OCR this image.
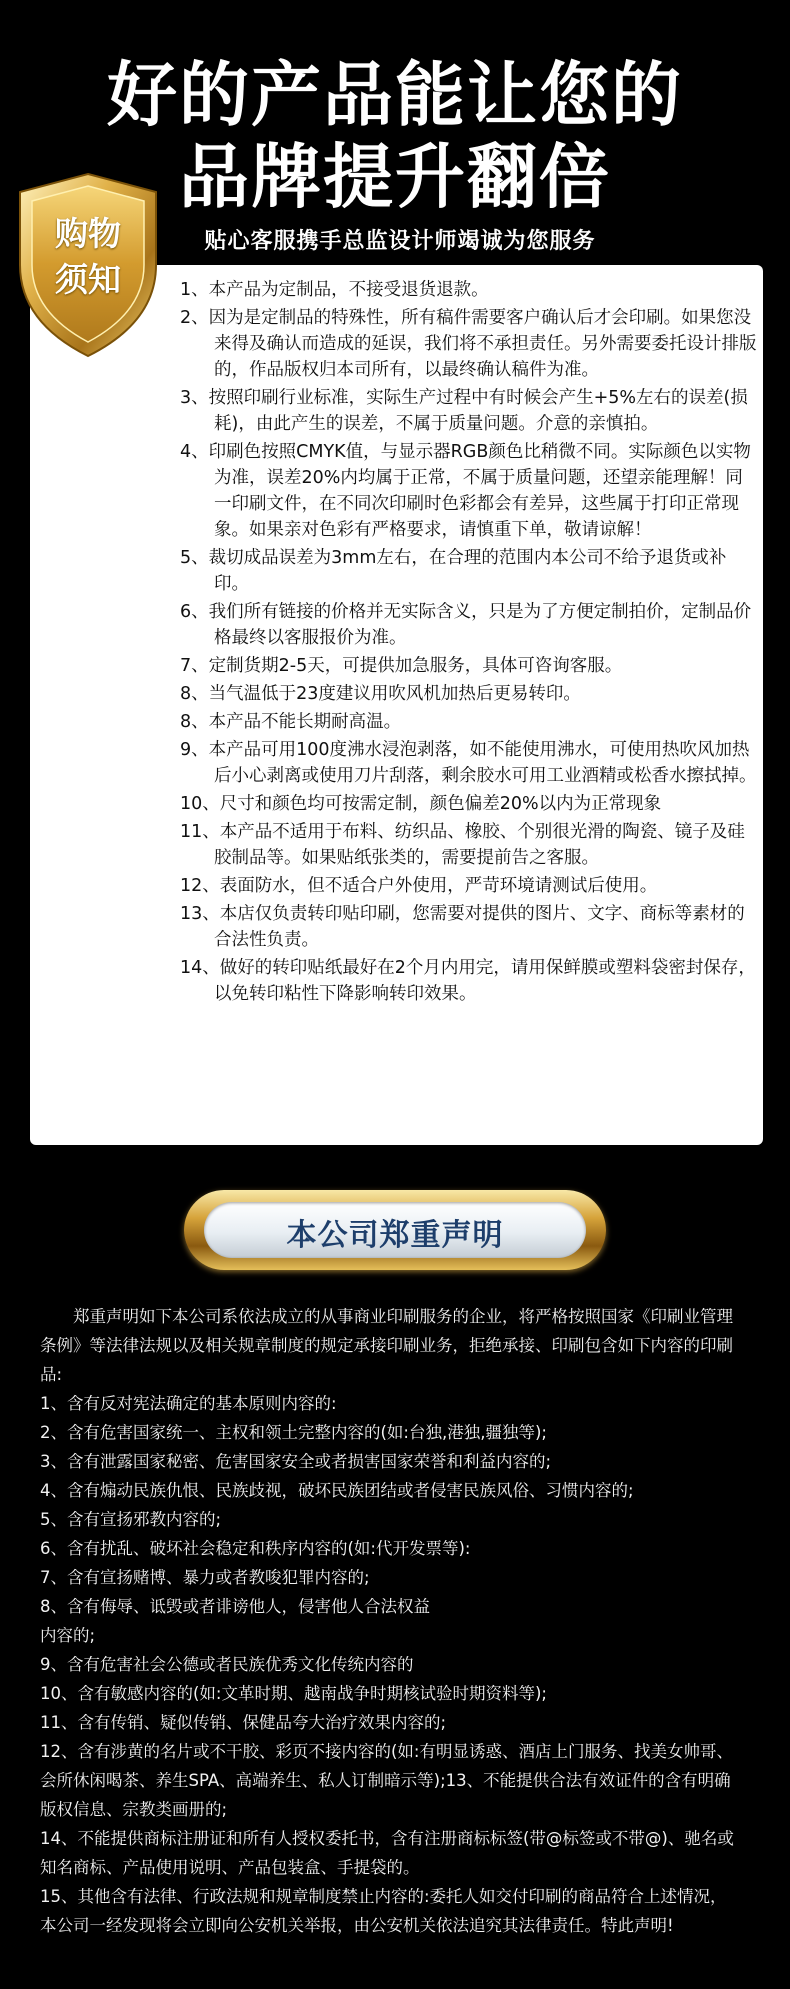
好的产品能让您的
品牌提升翻倍
贴心客服携手总监设计师竭诚为您服务
1、本产品为定制品，不接受退货退款。
2、因为是定制品的特殊性，所有稿件需要客户确认后才会印刷。如果您没来得及确认而造成的延误，我们将不承担责任。另外需要委托设计排版的，作品版权归本司所有，以最终确认稿件为准。
3、按照印刷行业标准，实际生产过程中有时候会产生+5%左右的误差(损耗)，由此产生的误差，不属于质量问题。介意的亲慎拍。
4、印刷色按照CMYK值，与显示器RGB颜色比稍微不同。实际颜色以实物为准，误差20%内均属于正常，不属于质量问题，还望亲能理解！同一印刷文件，在不同次印刷时色彩都会有差异，这些属于打印正常现象。如果亲对色彩有严格要求，请慎重下单，敬请谅解！
5、裁切成品误差为3mm左右，在合理的范围内本公司不给予退货或补印。
6、我们所有链接的价格并无实际含义，只是为了方便定制拍价，定制品价格最终以客服报价为准。
7、定制货期2-5天，可提供加急服务，具体可咨询客服。
8、当气温低于23度建议用吹风机加热后更易转印。
8、本产品不能长期耐高温。
9、本产品可用100度沸水浸泡剥落，如不能使用沸水，可使用热吹风加热后小心剥离或使用刀片刮落，剩余胶水可用工业酒精或松香水擦拭掉。
10、尺寸和颜色均可按需定制，颜色偏差20%以内为正常现象
11、本产品不适用于布料、纺织品、橡胶、个别很光滑的陶瓷、镜子及硅胶制品等。如果贴纸张类的，需要提前告之客服。
12、表面防水，但不适合户外使用，严苛环境请测试后使用。
13、本店仅负责转印贴印刷，您需要对提供的图片、文字、商标等素材的合法性负责。
14、做好的转印贴纸最好在2个月内用完，请用保鲜膜或塑料袋密封保存，以免转印粘性下降影响转印效果。
购物
须知
本公司郑重声明

郑重声明如下本公司系依法成立的从事商业印刷服务的企业，将严格按照国家《印刷业管理条例》等法律法规以及相关规章制度的规定承接印刷业务，拒绝承接、印刷包含如下内容的印刷品:

1、含有反对宪法确定的基本原则内容的:

2、含有危害国家统一、主权和领土完整内容的(如:台独,港独,疆独等);

3、含有泄露国家秘密、危害国家安全或者损害国家荣誉和利益内容的;

4、含有煽动民族仇恨、民族歧视，破坏民族团结或者侵害民族风俗、习惯内容的;

5、含有宣扬邪教内容的;

6、含有扰乱、破坏社会稳定和秩序内容的(如:代开发票等):

7、含有宣扬赌博、暴力或者教唆犯罪内容的;

8、含有侮辱、诋毁或者诽谤他人，侵害他人合法权益

内容的;

9、含有危害社会公德或者民族优秀文化传统内容的

10、含有敏感内容的(如:文革时期、越南战争时期核试验时期资料等);

11、含有传销、疑似传销、保健品夸大治疗效果内容的;

12、含有涉黄的名片或不干胶、彩页不接内容的(如:有明显诱惑、酒店上门服务、找美女帅哥、会所休闲喝茶、养生SPA、高端养生、私人订制暗示等);13、不能提供合法有效证件的含有明确版权信息、宗教类画册的;

14、不能提供商标注册证和所有人授权委托书，含有注册商标标签(带@标签或不带@)、驰名或知名商标、产品使用说明、产品包装盒、手提袋的。

15、其他含有法律、行政法规和规章制度禁止内容的:委托人如交付印刷的商品符合上述情况，本公司一经发现将会立即向公安机关举报，由公安机关依法追究其法律责任。特此声明!
